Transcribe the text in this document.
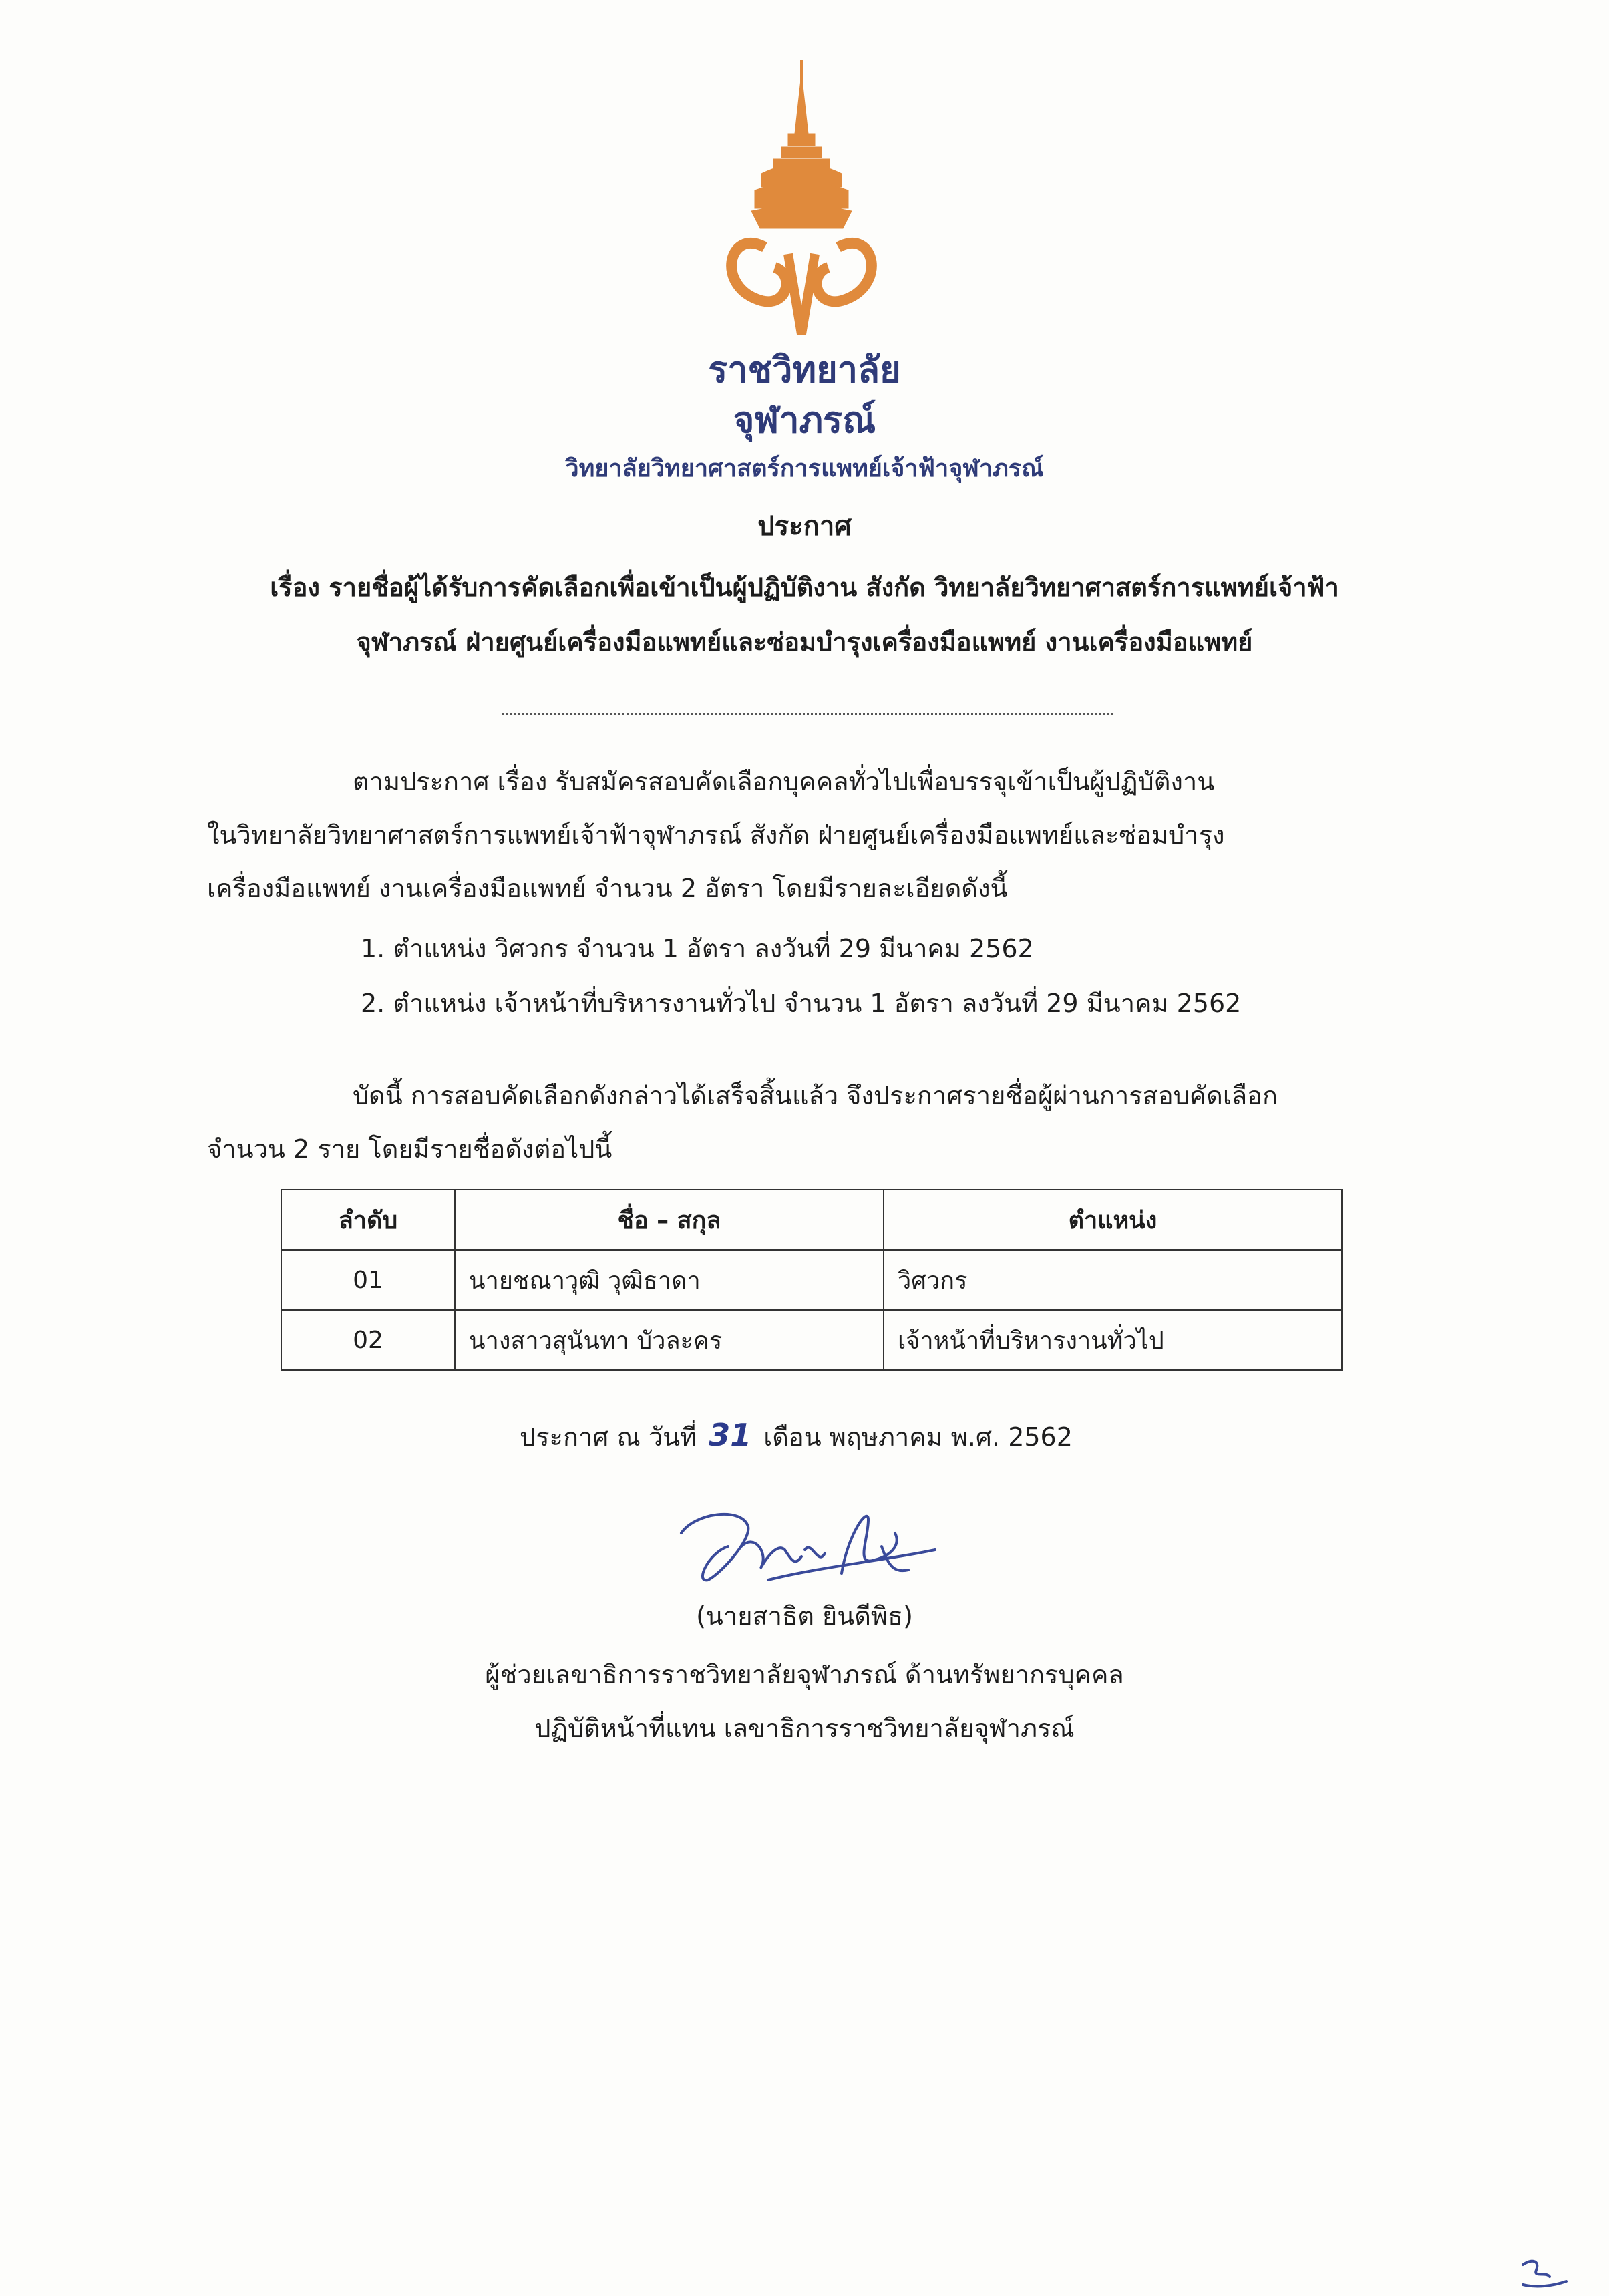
ราชวิทยาลัย
จุฬาภรณ์
วิทยาลัยวิทยาศาสตร์การแพทย์เจ้าฟ้าจุฬาภรณ์
ประกาศ
เรื่อง รายชื่อผู้ได้รับการคัดเลือกเพื่อเข้าเป็นผู้ปฏิบัติงาน สังกัด วิทยาลัยวิทยาศาสตร์การแพทย์เจ้าฟ้า
จุฬาภรณ์ ฝ่ายศูนย์เครื่องมือแพทย์และซ่อมบำรุงเครื่องมือแพทย์ งานเครื่องมือแพทย์
ตามประกาศ เรื่อง รับสมัครสอบคัดเลือกบุคคลทั่วไปเพื่อบรรจุเข้าเป็นผู้ปฏิบัติงาน
ในวิทยาลัยวิทยาศาสตร์การแพทย์เจ้าฟ้าจุฬาภรณ์ สังกัด ฝ่ายศูนย์เครื่องมือแพทย์และซ่อมบำรุง
เครื่องมือแพทย์ งานเครื่องมือแพทย์ จำนวน 2 อัตรา โดยมีรายละเอียดดังนี้
1. ตำแหน่ง วิศวกร จำนวน 1 อัตรา ลงวันที่ 29 มีนาคม 2562
2. ตำแหน่ง เจ้าหน้าที่บริหารงานทั่วไป จำนวน 1 อัตรา ลงวันที่ 29 มีนาคม 2562
บัดนี้ การสอบคัดเลือกดังกล่าวได้เสร็จสิ้นแล้ว จึงประกาศรายชื่อผู้ผ่านการสอบคัดเลือก
จำนวน 2 ราย โดยมีรายชื่อดังต่อไปนี้
ลำดับ	ชื่อ – สกุล	ตำแหน่ง
01	นายชณาวุฒิ วุฒิธาดา	วิศวกร
02	นางสาวสุนันทา บัวละคร	เจ้าหน้าที่บริหารงานทั่วไป
ประกาศ ณ วันที่ 31 เดือน พฤษภาคม พ.ศ. 2562
(นายสาธิต ยินดีพิธ)
ผู้ช่วยเลขาธิการราชวิทยาลัยจุฬาภรณ์ ด้านทรัพยากรบุคคล
ปฏิบัติหน้าที่แทน เลขาธิการราชวิทยาลัยจุฬาภรณ์
